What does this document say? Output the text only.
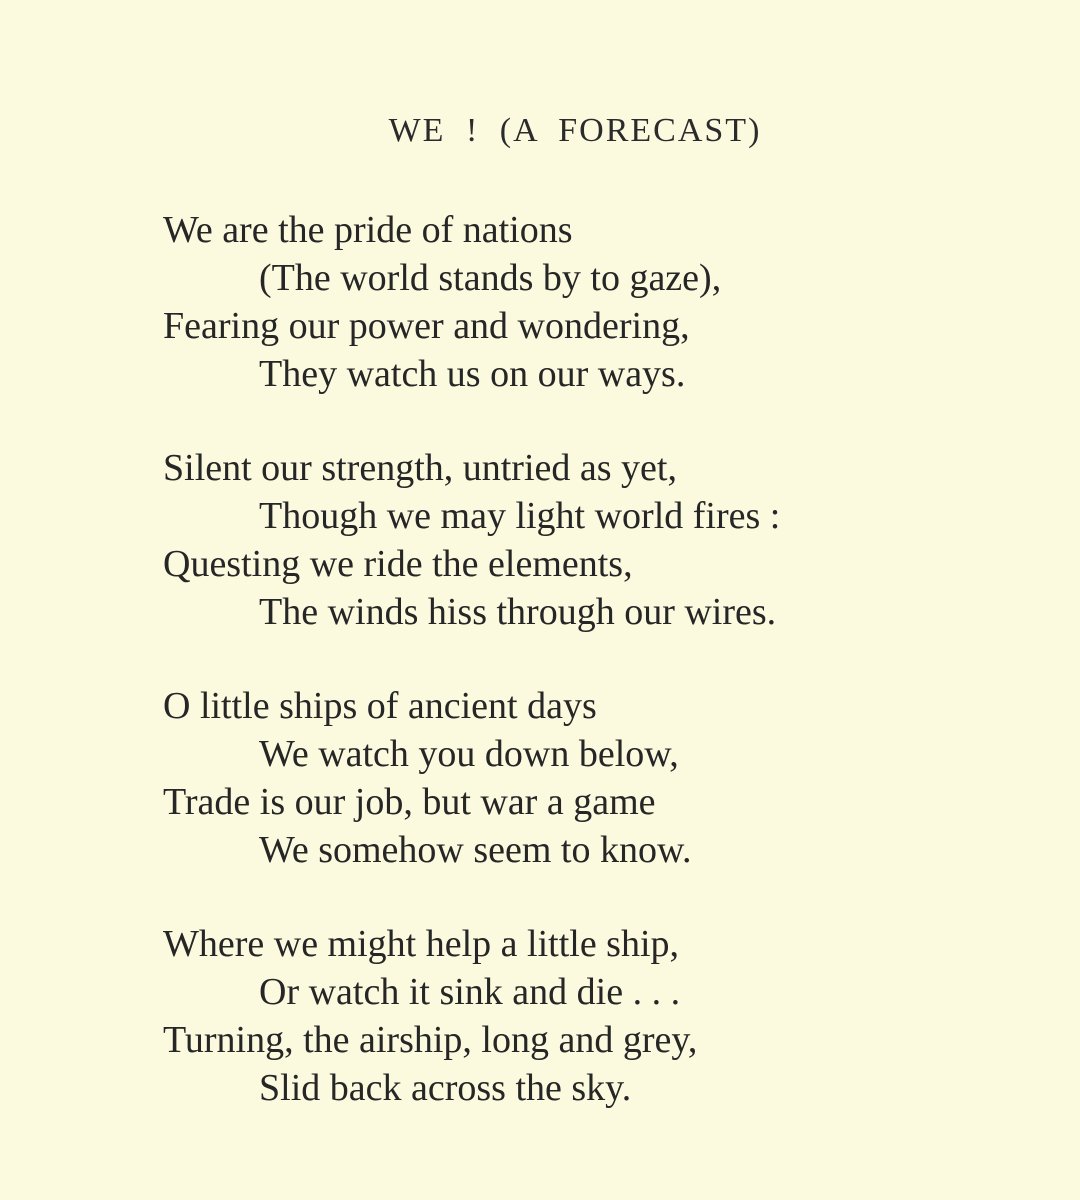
WE ! (A FORECAST)
We are the pride of nations
(The world stands by to gaze),
Fearing our power and wondering,
They watch us on our ways.
Silent our strength, untried as yet,
Though we may light world fires :
Questing we ride the elements,
The winds hiss through our wires.
O little ships of ancient days
We watch you down below,
Trade is our job, but war a game
We somehow seem to know.
Where we might help a little ship,
Or watch it sink and die . . .
Turning, the airship, long and grey,
Slid back across the sky.
